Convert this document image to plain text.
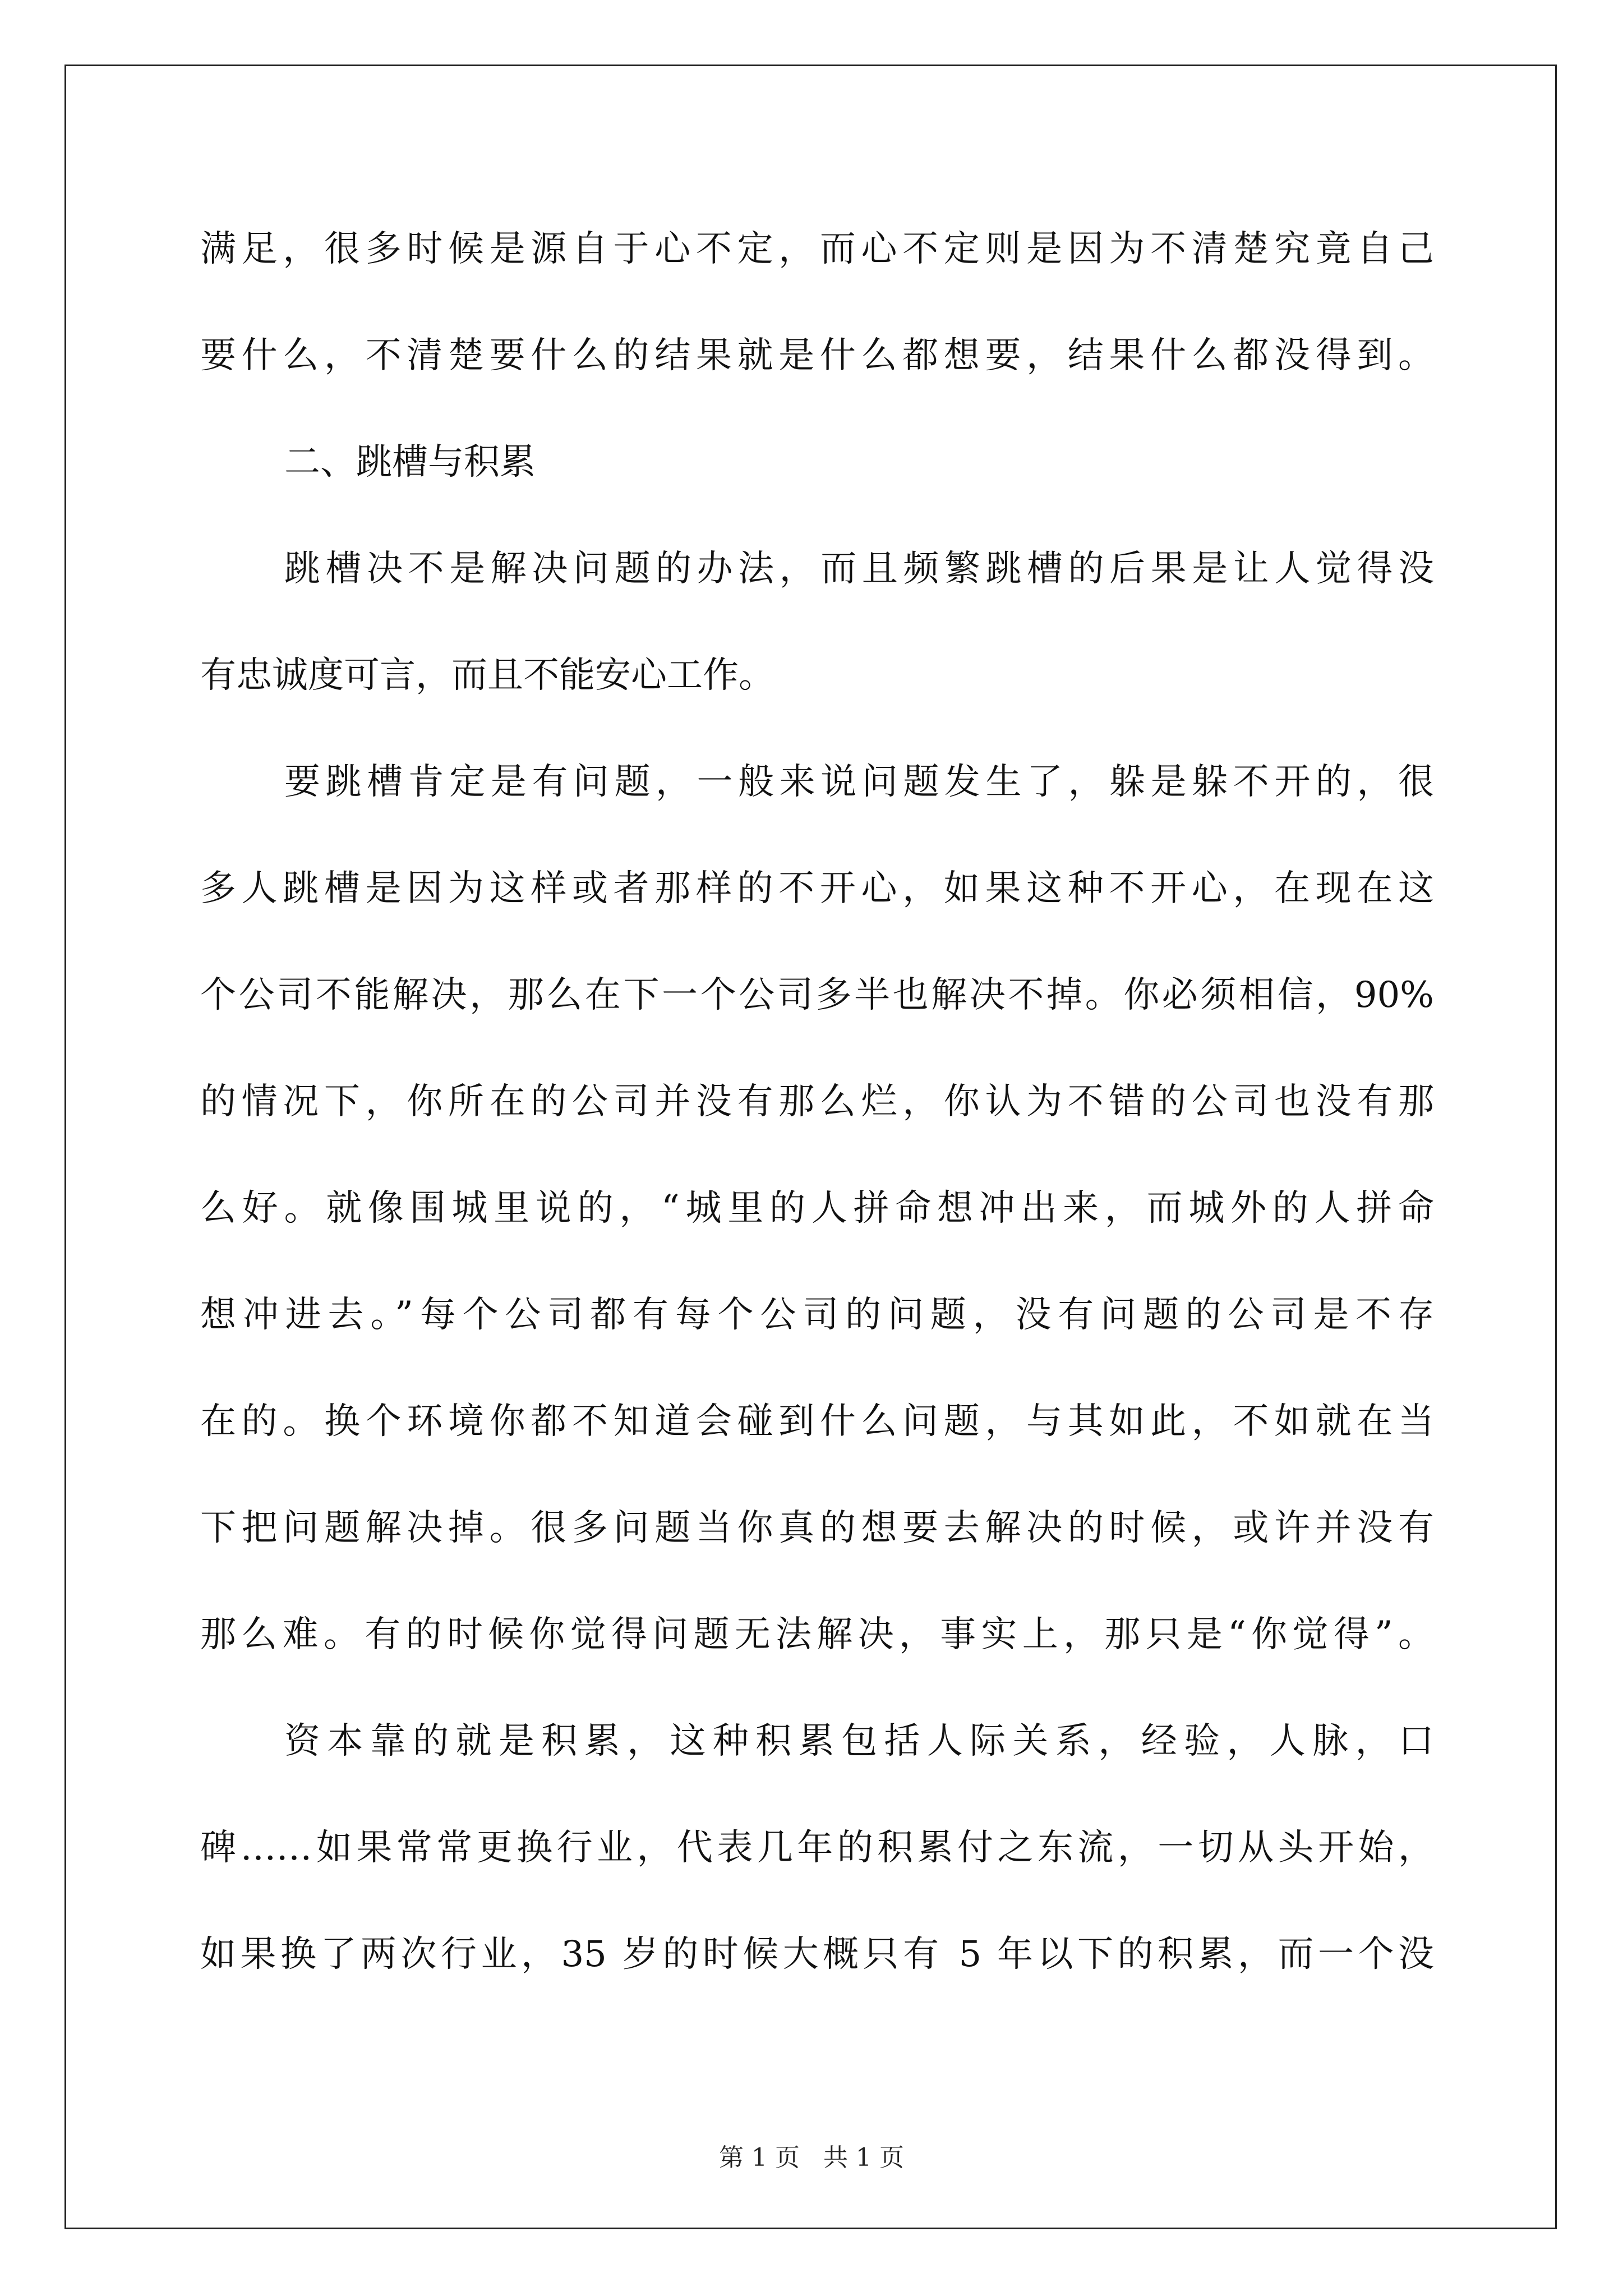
满足，很多时候是源自于心不定，而心不定则是因为不清楚究竟自己
要什么，不清楚要什么的结果就是什么都想要，结果什么都没得到。
二、跳槽与积累
跳槽决不是解决问题的办法，而且频繁跳槽的后果是让人觉得没
有忠诚度可言，而且不能安心工作。
要跳槽肯定是有问题，一般来说问题发生了，躲是躲不开的，很
多人跳槽是因为这样或者那样的不开心，如果这种不开心，在现在这
个公司不能解决，那么在下一个公司多半也解决不掉。你必须相信，90%
的情况下，你所在的公司并没有那么烂，你认为不错的公司也没有那
么好。就像围城里说的，“城里的人拼命想冲出来，而城外的人拼命
想冲进去。”每个公司都有每个公司的问题，没有问题的公司是不存
在的。换个环境你都不知道会碰到什么问题，与其如此，不如就在当
下把问题解决掉。很多问题当你真的想要去解决的时候，或许并没有
那么难。有的时候你觉得问题无法解决，事实上，那只是“你觉得”。
资本靠的就是积累，这种积累包括人际关系，经验，人脉，口
碑……如果常常更换行业，代表几年的积累付之东流，一切从头开始，
如果换了两次行业，35 岁的时候大概只有 5 年以下的积累，而一个没
第 1 页   共 1 页
